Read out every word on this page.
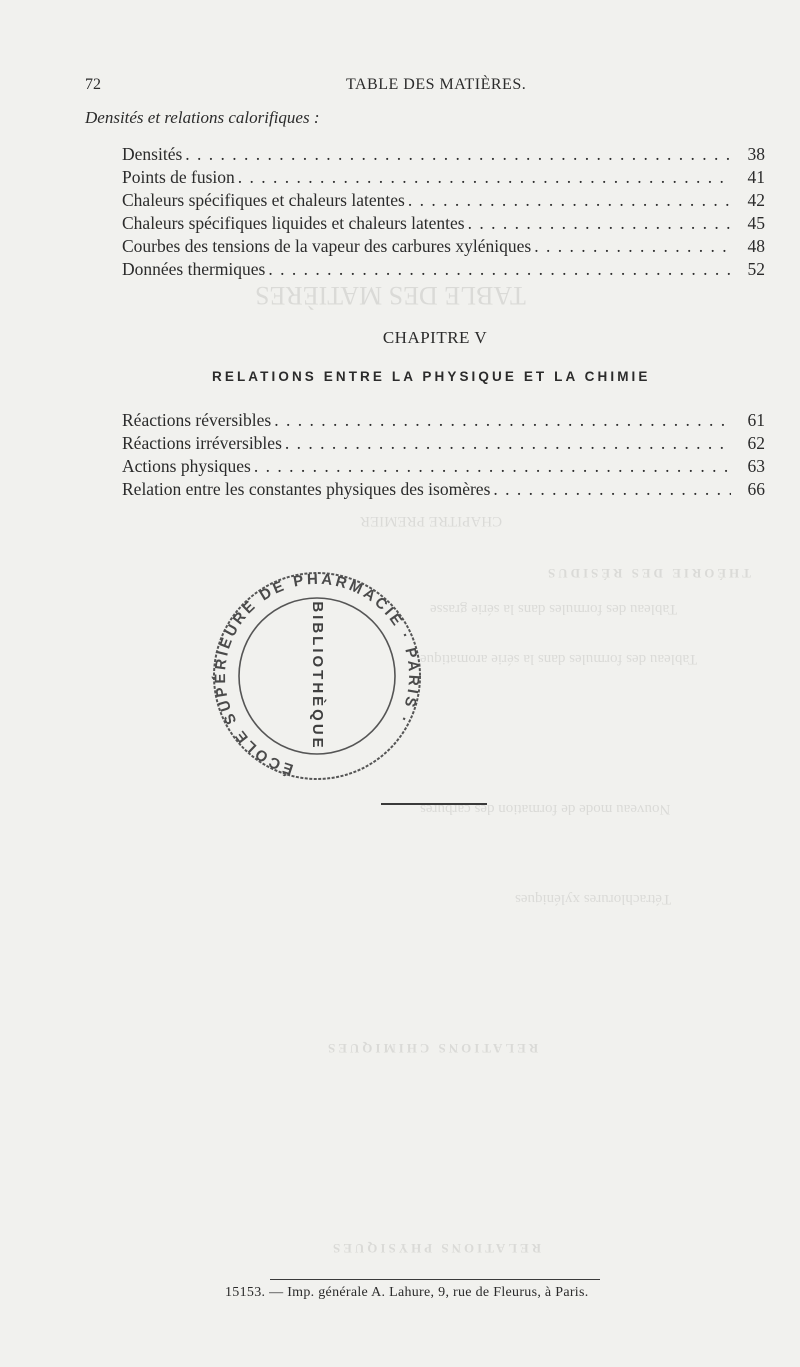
TABLE DES MATIÈRES
CHAPITRE PREMIER
THÉORIE DES RÉSIDUS
Tableau des formules dans la série grasse
Tableau des formules dans la série aromatique
Nouveau mode de formation des carbures
Tétrachlorures xyléniques
RELATIONS CHIMIQUES
RELATIONS PHYSIQUES
72	TABLE DES MATIÈRES.
Densités et relations calorifiques :
Densités . . .	38
Points de fusion . . .	41
Chaleurs spécifiques et chaleurs latentes . . .	42
Chaleurs spécifiques liquides et chaleurs latentes . . .	45
Courbes des tensions de la vapeur des carbures xyléniques . . .	48
Données thermiques . . .	52
CHAPITRE V
RELATIONS ENTRE LA PHYSIQUE ET LA CHIMIE
Réactions réversibles . . .	61
Réactions irréversibles . . .	62
Actions physiques . . .	63
Relation entre les constantes physiques des isomères . . .	66
ÉCOLE SUPÉRIEURE DE PHARMACIE · PARIS ·
BIBLIOTHÈQUE
15153. — Imp. générale A. Lahure, 9, rue de Fleurus, à Paris.
